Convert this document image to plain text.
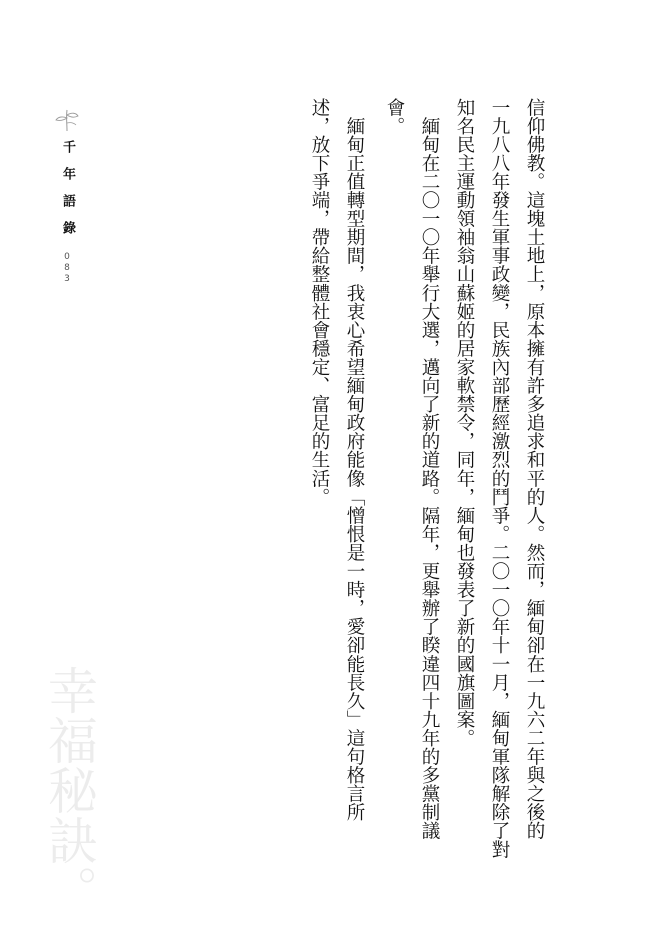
信仰佛教。這塊土地上，原本擁有許多追求和平的人。然而，緬甸卻在一九六二年與之後的
一九八八年發生軍事政變，民族內部歷經激烈的鬥爭。二〇一〇年十一月，緬甸軍隊解除了對
知名民主運動領袖翁山蘇姬的居家軟禁令，同年，緬甸也發表了新的國旗圖案。
　緬甸在二〇一〇年舉行大選，邁向了新的道路。隔年，更舉辦了睽違四十九年的多黨制議
會。
　緬甸正值轉型期間，我衷心希望緬甸政府能像「憎恨是一時，愛卻能長久」這句格言所
述，放下爭端，帶給整體社會穩定、富足的生活。
千年語錄
083
幸福秘訣。
